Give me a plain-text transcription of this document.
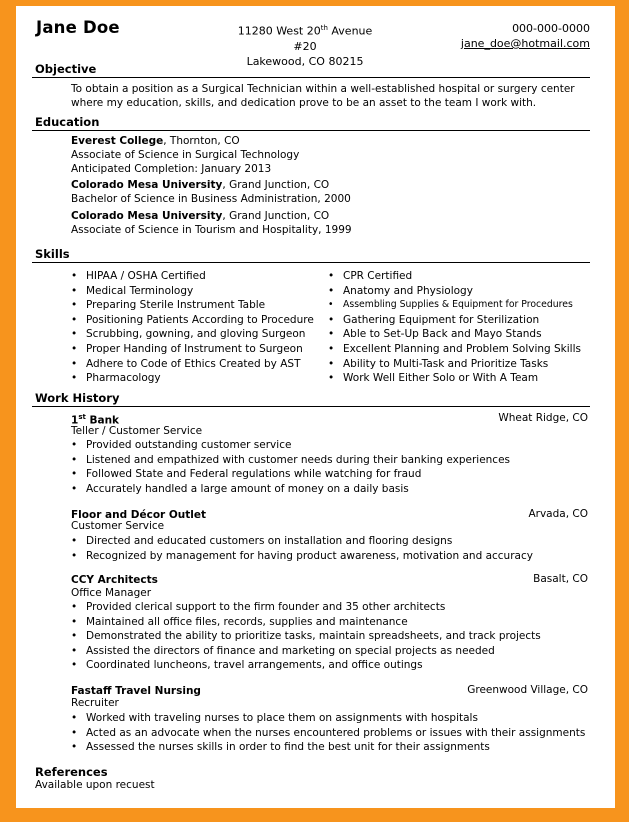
Jane Doe	11280 West 20th Avenue #20
Lakewood, CO 80215
000-000-0000
jane_doe@hotmail.com
Objective
To obtain a position as a Surgical Technician within a well-established hospital or surgery center
where my education, skills, and dedication prove to be an asset to the team I work with.
Education
Everest College, Thornton, CO
Associate of Science in Surgical Technology
Anticipated Completion: January 2013
Colorado Mesa University, Grand Junction, CO
Bachelor of Science in Business Administration, 2000
Colorado Mesa University, Grand Junction, CO
Associate of Science in Tourism and Hospitality, 1999
Skills
• HIPAA / OSHA Certified
• Medical Terminology
• Preparing Sterile Instrument Table
• Positioning Patients According to Procedure
• Scrubbing, gowning, and gloving Surgeon
• Proper Handing of Instrument to Surgeon
• Adhere to Code of Ethics Created by AST
• Pharmacology
• CPR Certified
• Anatomy and Physiology
• Assembling Supplies & Equipment for Procedures
• Gathering Equipment for Sterilization
• Able to Set-Up Back and Mayo Stands
• Excellent Planning and Problem Solving Skills
• Ability to Multi-Task and Prioritize Tasks
• Work Well Either Solo or With A Team
Work History
1st Bank	Wheat Ridge, CO
Teller / Customer Service
• Provided outstanding customer service
• Listened and empathized with customer needs during their banking experiences
• Followed State and Federal regulations while watching for fraud
• Accurately handled a large amount of money on a daily basis
Floor and Décor Outlet	Arvada, CO
Customer Service
• Directed and educated customers on installation and flooring designs
• Recognized by management for having product awareness, motivation and accuracy
CCY Architects	Basalt, CO
Office Manager
• Provided clerical support to the firm founder and 35 other architects
• Maintained all office files, records, supplies and maintenance
• Demonstrated the ability to prioritize tasks, maintain spreadsheets, and track projects
• Assisted the directors of finance and marketing on special projects as needed
• Coordinated luncheons, travel arrangements, and office outings
Fastaff Travel Nursing	Greenwood Village, CO
Recruiter
• Worked with traveling nurses to place them on assignments with hospitals
• Acted as an advocate when the nurses encountered problems or issues with their assignments
• Assessed the nurses skills in order to find the best unit for their assignments
References
Available upon recuest
